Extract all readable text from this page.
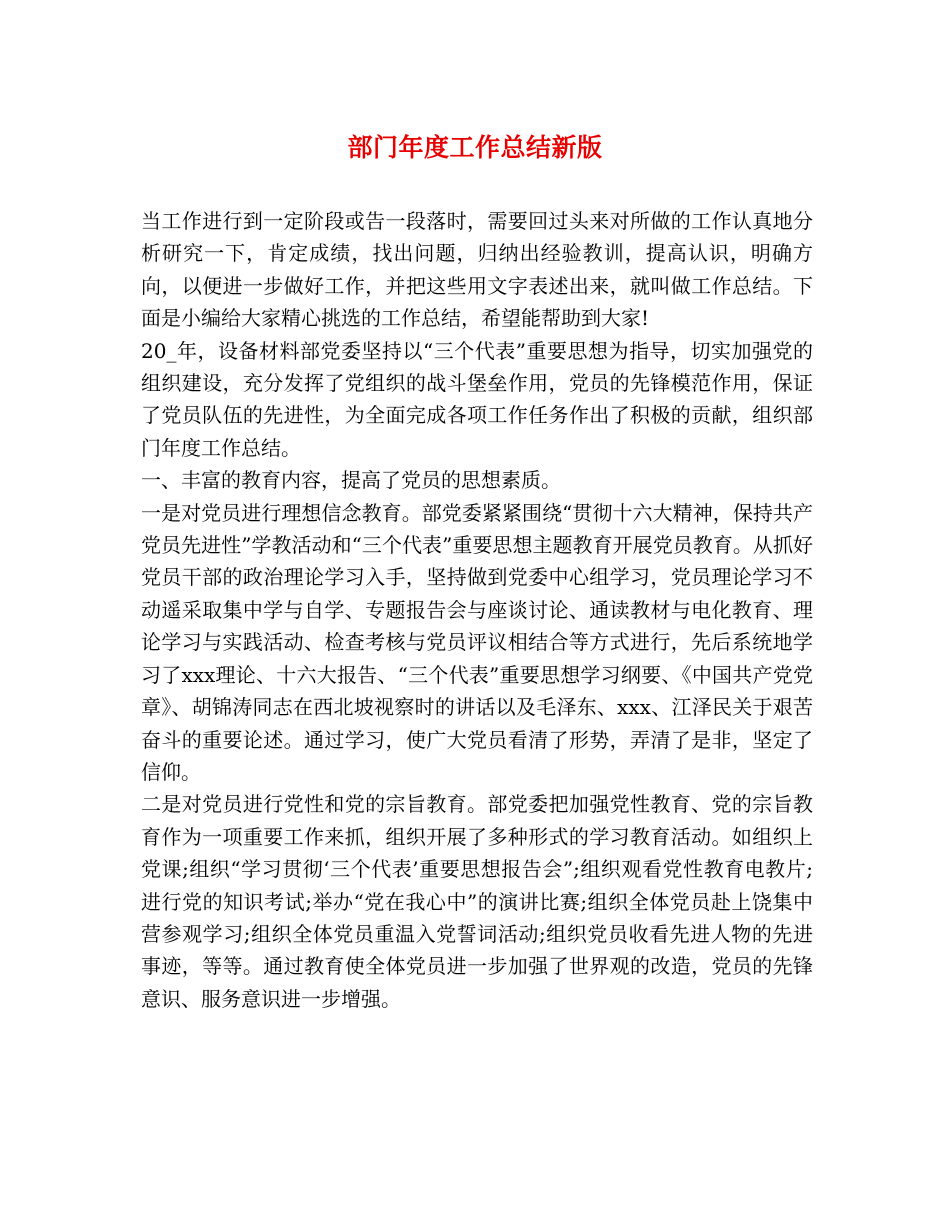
部门年度工作总结新版

当工作进行到一定阶段或告一段落时，需要回过头来对所做的工作认真地分析研究一下，肯定成绩，找出问题，归纳出经验教训，提高认识，明确方向，以便进一步做好工作，并把这些用文字表述出来，就叫做工作总结。下面是小编给大家精心挑选的工作总结，希望能帮助到大家!

20_年，设备材料部党委坚持以“三个代表”重要思想为指导，切实加强党的组织建设，充分发挥了党组织的战斗堡垒作用，党员的先锋模范作用，保证了党员队伍的先进性，为全面完成各项工作任务作出了积极的贡献，组织部门年度工作总结。

一、丰富的教育内容，提高了党员的思想素质。

一是对党员进行理想信念教育。部党委紧紧围绕“贯彻十六大精神，保持共产党员先进性”学教活动和“三个代表”重要思想主题教育开展党员教育。从抓好党员干部的政治理论学习入手，坚持做到党委中心组学习，党员理论学习不动遥采取集中学与自学、专题报告会与座谈讨论、通读教材与电化教育、理论学习与实践活动、检查考核与党员评议相结合等方式进行，先后系统地学习了xxx理论、十六大报告、“三个代表”重要思想学习纲要、《中国共产党党章》、胡锦涛同志在西北坡视察时的讲话以及毛泽东、xxx、江泽民关于艰苦奋斗的重要论述。通过学习，使广大党员看清了形势，弄清了是非，坚定了信仰。

二是对党员进行党性和党的宗旨教育。部党委把加强党性教育、党的宗旨教育作为一项重要工作来抓，组织开展了多种形式的学习教育活动。如组织上党课;组织“学习贯彻‘三个代表’重要思想报告会”;组织观看党性教育电教片;进行党的知识考试;举办“党在我心中”的演讲比赛;组织全体党员赴上饶集中营参观学习;组织全体党员重温入党誓词活动;组织党员收看先进人物的先进事迹，等等。通过教育使全体党员进一步加强了世界观的改造，党员的先锋意识、服务意识进一步增强。
